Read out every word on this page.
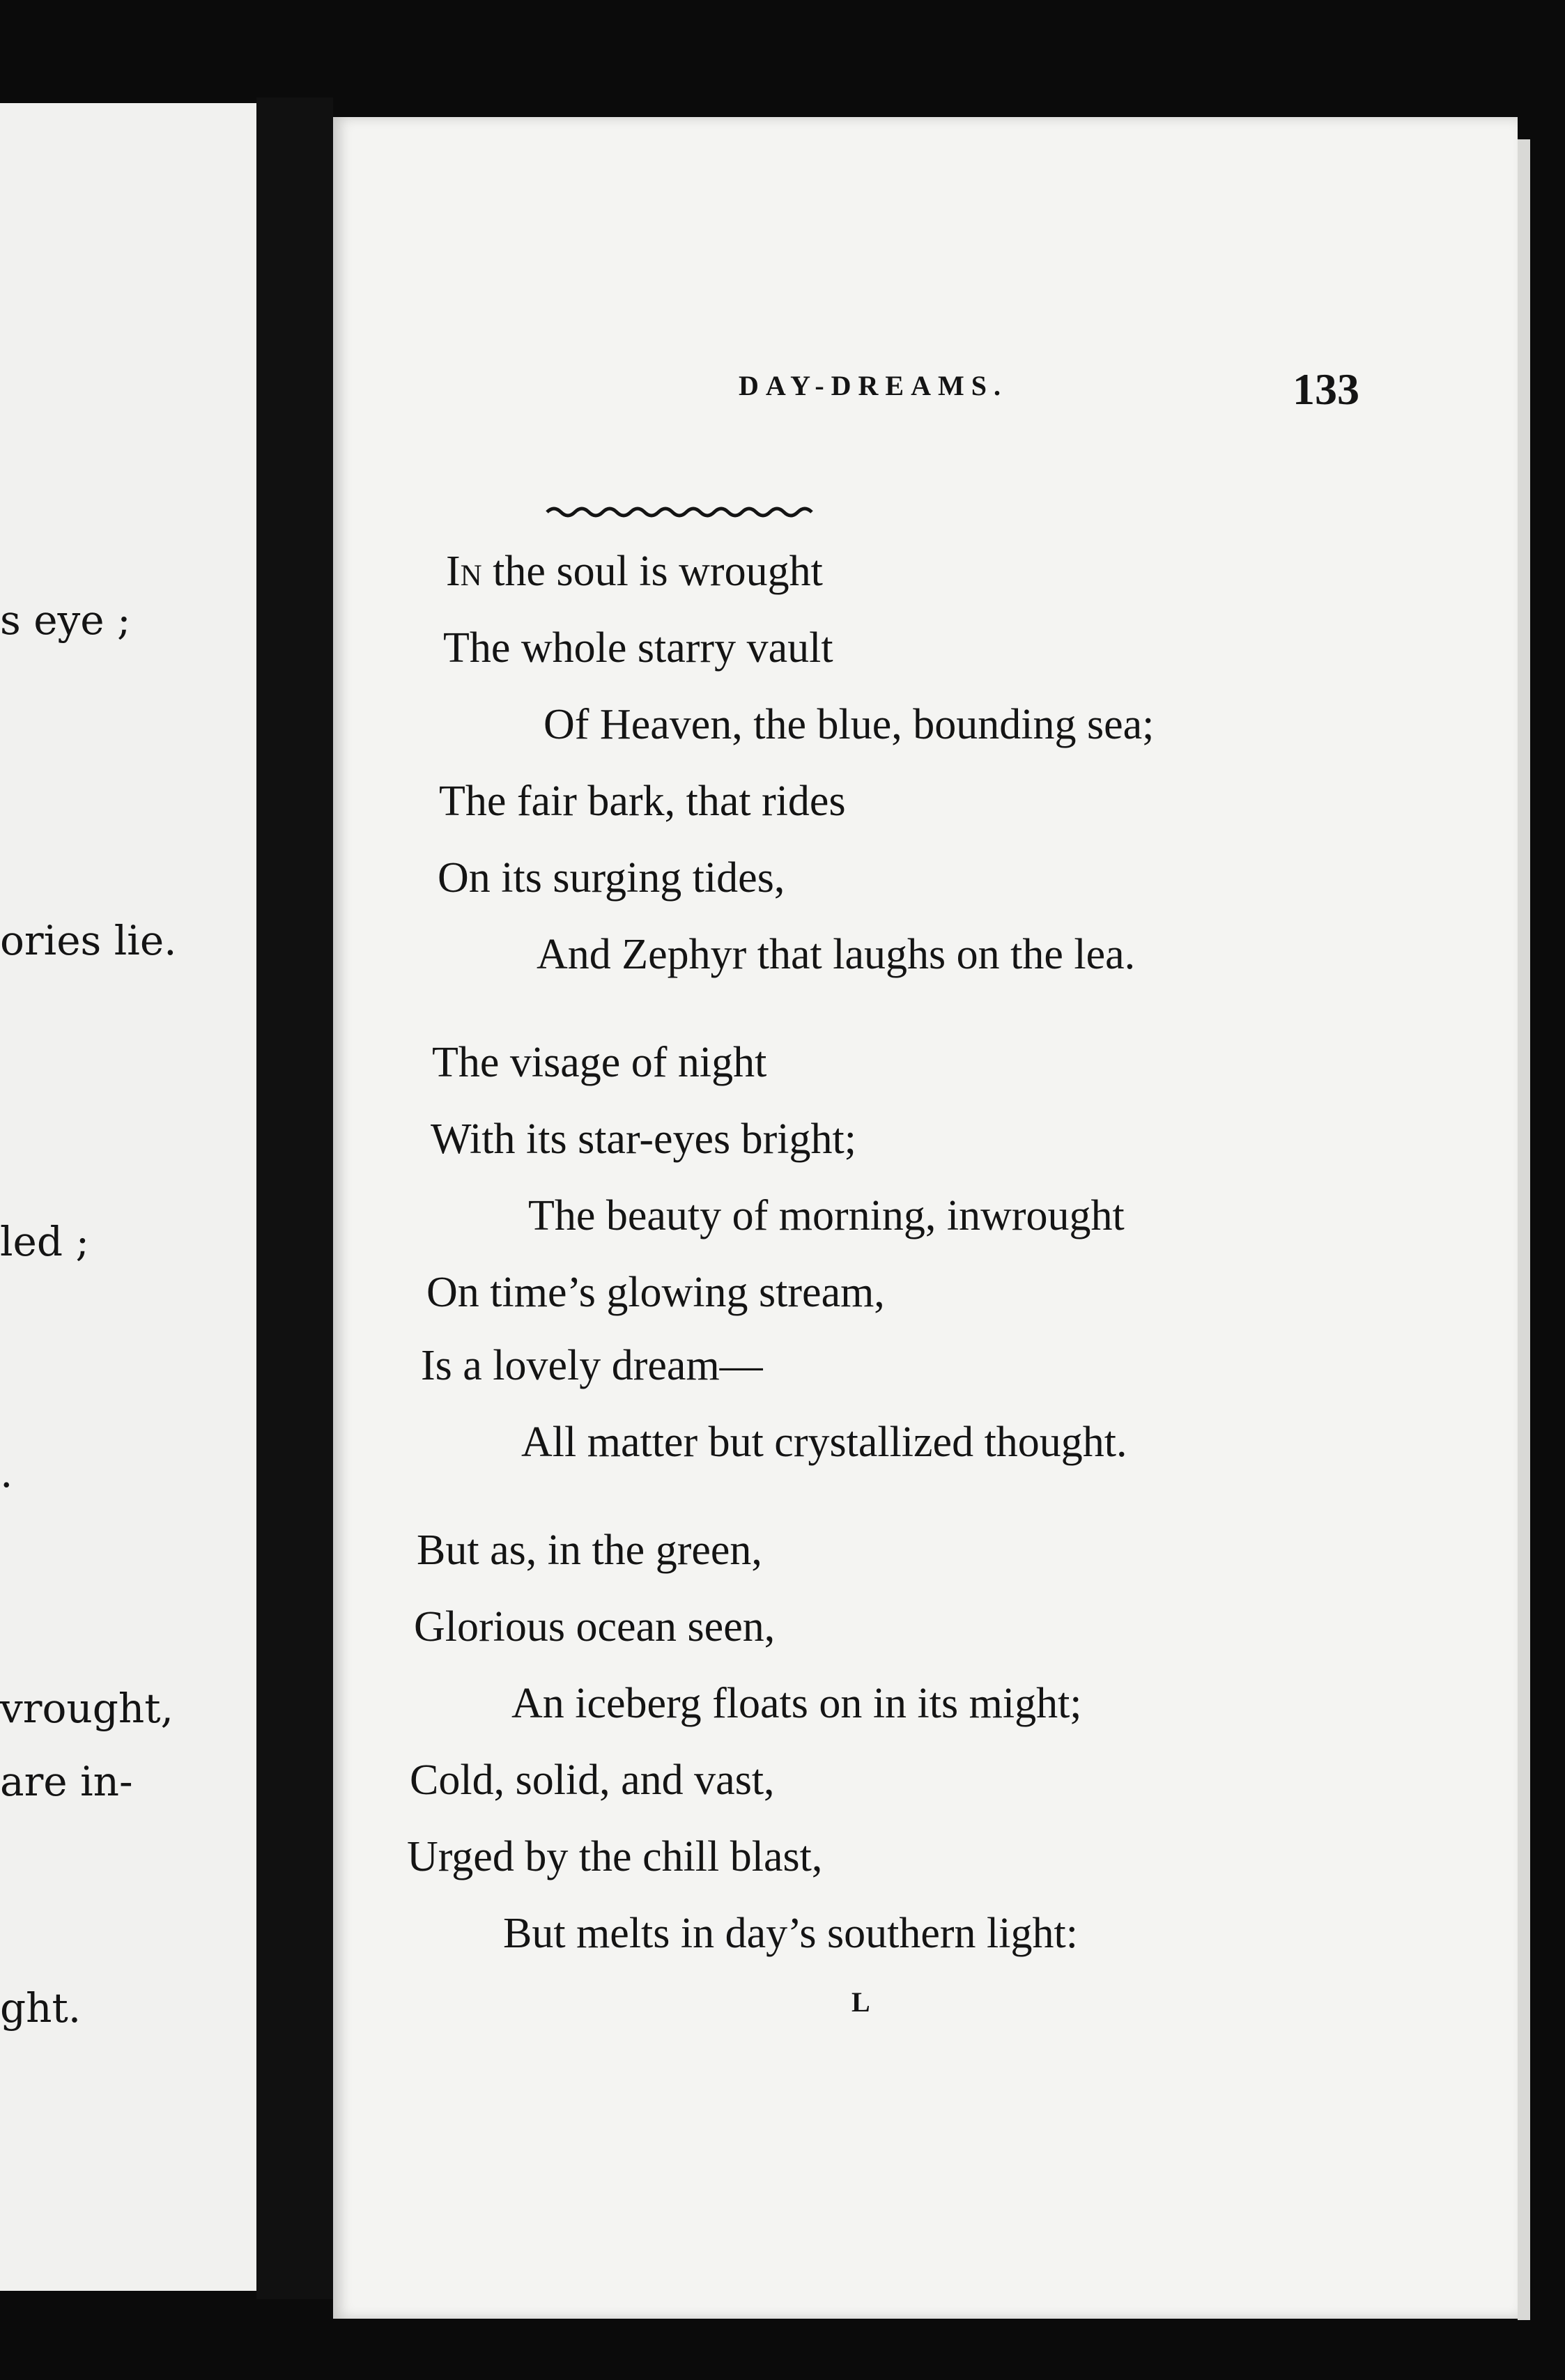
s eye ;
ories lie.
led ;
.
vrought,
are in-
ght.
DAY-DREAMS.	133
In the soul is wrought
The whole starry vault
Of Heaven, the blue, bounding sea;
The fair bark, that rides
On its surging tides,
And Zephyr that laughs on the lea.
The visage of night
With its star-eyes bright;
The beauty of morning, inwrought
On time’s glowing stream,
Is a lovely dream—
All matter but crystallized thought.
But as, in the green,
Glorious ocean seen,
An iceberg floats on in its might;
Cold, solid, and vast,
Urged by the chill blast,
But melts in day’s southern light:
L
